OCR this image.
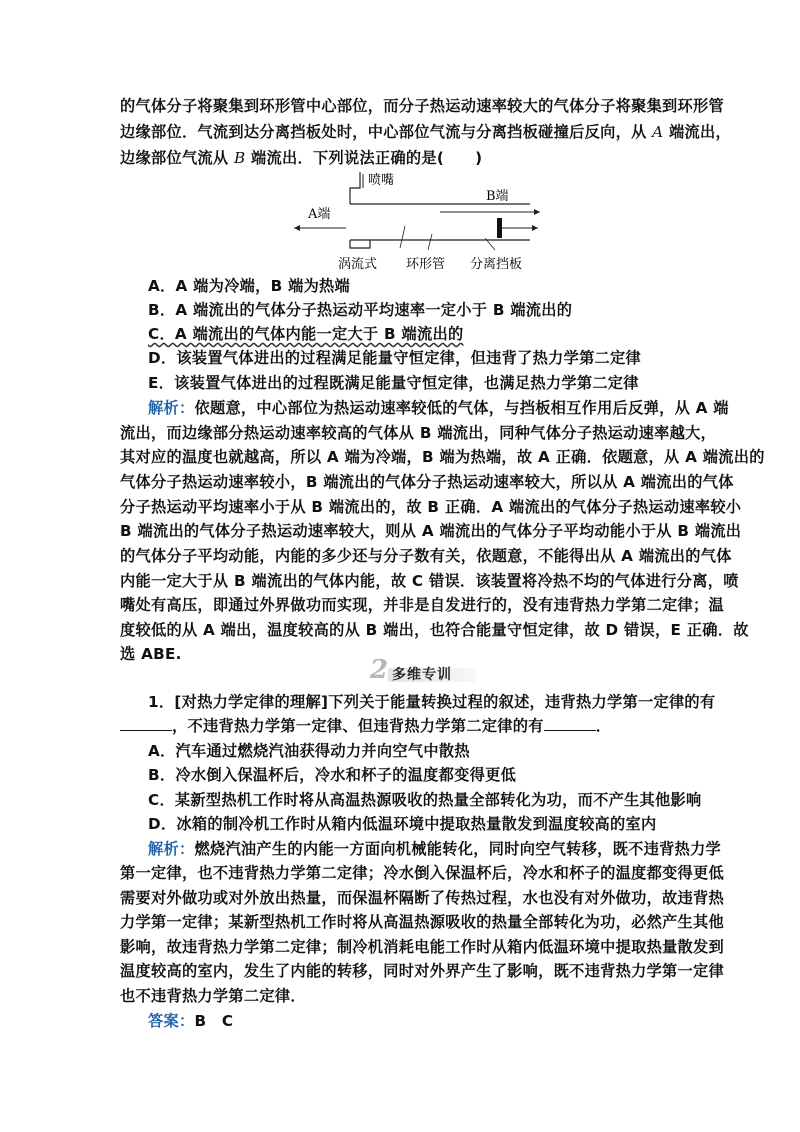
的气体分子将聚集到环形管中心部位，而分子热运动速率较大的气体分子将聚集到环形管
边缘部位．气流到达分离挡板处时，中心部位气流与分离挡板碰撞后反向，从 A 端流出，
边缘部位气流从 B 端流出．下列说法正确的是(　　)
A端
喷嘴
B端
涡流式 环形管 分离挡板
A．A 端为冷端，B 端为热端
B．A 端流出的气体分子热运动平均速率一定小于 B 端流出的
C．A 端流出的气体内能一定大于 B 端流出的
D．该装置气体进出的过程满足能量守恒定律，但违背了热力学第二定律
E．该装置气体进出的过程既满足能量守恒定律，也满足热力学第二定律
解析：依题意，中心部位为热运动速率较低的气体，与挡板相互作用后反弹，从 A 端
流出，而边缘部分热运动速率较高的气体从 B 端流出，同种气体分子热运动速率越大，
其对应的温度也就越高，所以 A 端为冷端，B 端为热端，故 A 正确．依题意，从 A 端流出的
气体分子热运动速率较小，B 端流出的气体分子热运动速率较大，所以从 A 端流出的气体
分子热运动平均速率小于从 B 端流出的，故 B 正确．A 端流出的气体分子热运动速率较小
B 端流出的气体分子热运动速率较大，则从 A 端流出的气体分子平均动能小于从 B 端流出
的气体分子平均动能，内能的多少还与分子数有关，依题意，不能得出从 A 端流出的气体
内能一定大于从 B 端流出的气体内能，故 C 错误．该装置将冷热不均的气体进行分离，喷
嘴处有高压，即通过外界做功而实现，并非是自发进行的，没有违背热力学第二定律；温
度较低的从 A 端出，温度较高的从 B 端出，也符合能量守恒定律，故 D 错误，E 正确．故
选 ABE.
2 多维专训
1．[对热力学定律的理解]下列关于能量转换过程的叙述，违背热力学第一定律的有
，不违背热力学第一定律、但违背热力学第二定律的有	．
A．汽车通过燃烧汽油获得动力并向空气中散热
B．冷水倒入保温杯后，冷水和杯子的温度都变得更低
C．某新型热机工作时将从高温热源吸收的热量全部转化为功，而不产生其他影响
D．冰箱的制冷机工作时从箱内低温环境中提取热量散发到温度较高的室内
解析：燃烧汽油产生的内能一方面向机械能转化，同时向空气转移，既不违背热力学
第一定律，也不违背热力学第二定律；冷水倒入保温杯后，冷水和杯子的温度都变得更低
需要对外做功或对外放出热量，而保温杯隔断了传热过程，水也没有对外做功，故违背热
力学第一定律；某新型热机工作时将从高温热源吸收的热量全部转化为功，必然产生其他
影响，故违背热力学第二定律；制冷机消耗电能工作时从箱内低温环境中提取热量散发到
温度较高的室内，发生了内能的转移，同时对外界产生了影响，既不违背热力学第一定律
也不违背热力学第二定律．
答案：B　C
